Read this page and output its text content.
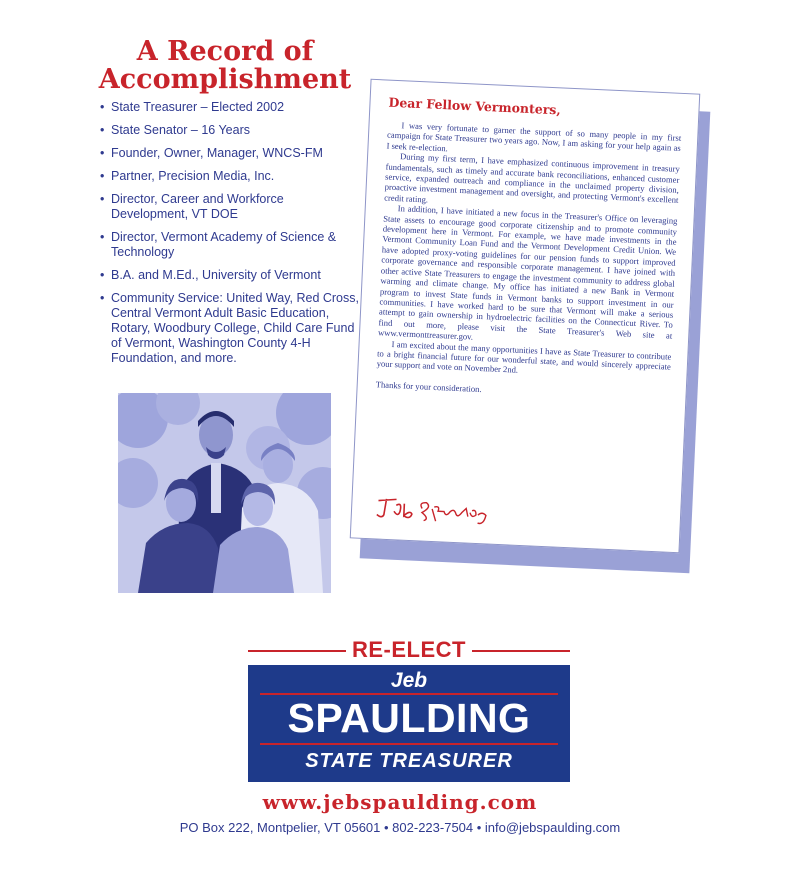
A Record of
Accomplishment
• State Treasurer – Elected 2002
• State Senator – 16 Years
• Founder, Owner, Manager, WNCS-FM
• Partner, Precision Media, Inc.
• Director, Career and Workforce Development, VT DOE
• Director, Vermont Academy of Science & Technology
• B.A. and M.Ed., University of Vermont
• Community Service: United Way, Red Cross, Central Vermont Adult Basic Education, Rotary, Woodbury College, Child Care Fund of Vermont, Washington County 4-H Foundation, and more.
Dear Fellow Vermonters,

I was very fortunate to garner the support of so many people in my first campaign for State Treasurer two years ago. Now, I am asking for your help again as I seek re-election.

During my first term, I have emphasized continuous improvement in treasury fundamentals, such as timely and accurate bank reconciliations, enhanced customer service, expanded outreach and compliance in the unclaimed property division, proactive investment management and oversight, and protecting Vermont's excellent credit rating.

In addition, I have initiated a new focus in the Treasurer's Office on leveraging State assets to encourage good corporate citizenship and to promote community development here in Vermont. For example, we have made investments in the Vermont Community Loan Fund and the Vermont Development Credit Union. We have adopted proxy-voting guidelines for our pension funds to support improved corporate governance and responsible corporate management. I have joined with other active State Treasurers to engage the investment community to address global warming and climate change. My office has initiated a new Bank in Vermont program to invest State funds in Vermont banks to support investment in our communities. I have worked hard to be sure that Vermont will make a serious attempt to gain ownership in hydroelectric facilities on the Connecticut River. To find out more, please visit the State Treasurer's Web site at www.vermonttreasurer.gov.

I am excited about the many opportunities I have as State Treasurer to contribute to a bright financial future for our wonderful state, and would sincerely appreciate your support and vote on November 2nd.

Thanks for your consideration.

RE-ELECT
Jeb
SPAULDING
STATE TREASURER
www.jebspaulding.com
PO Box 222, Montpelier, VT 05601 • 802-223-7504 • info@jebspaulding.com
